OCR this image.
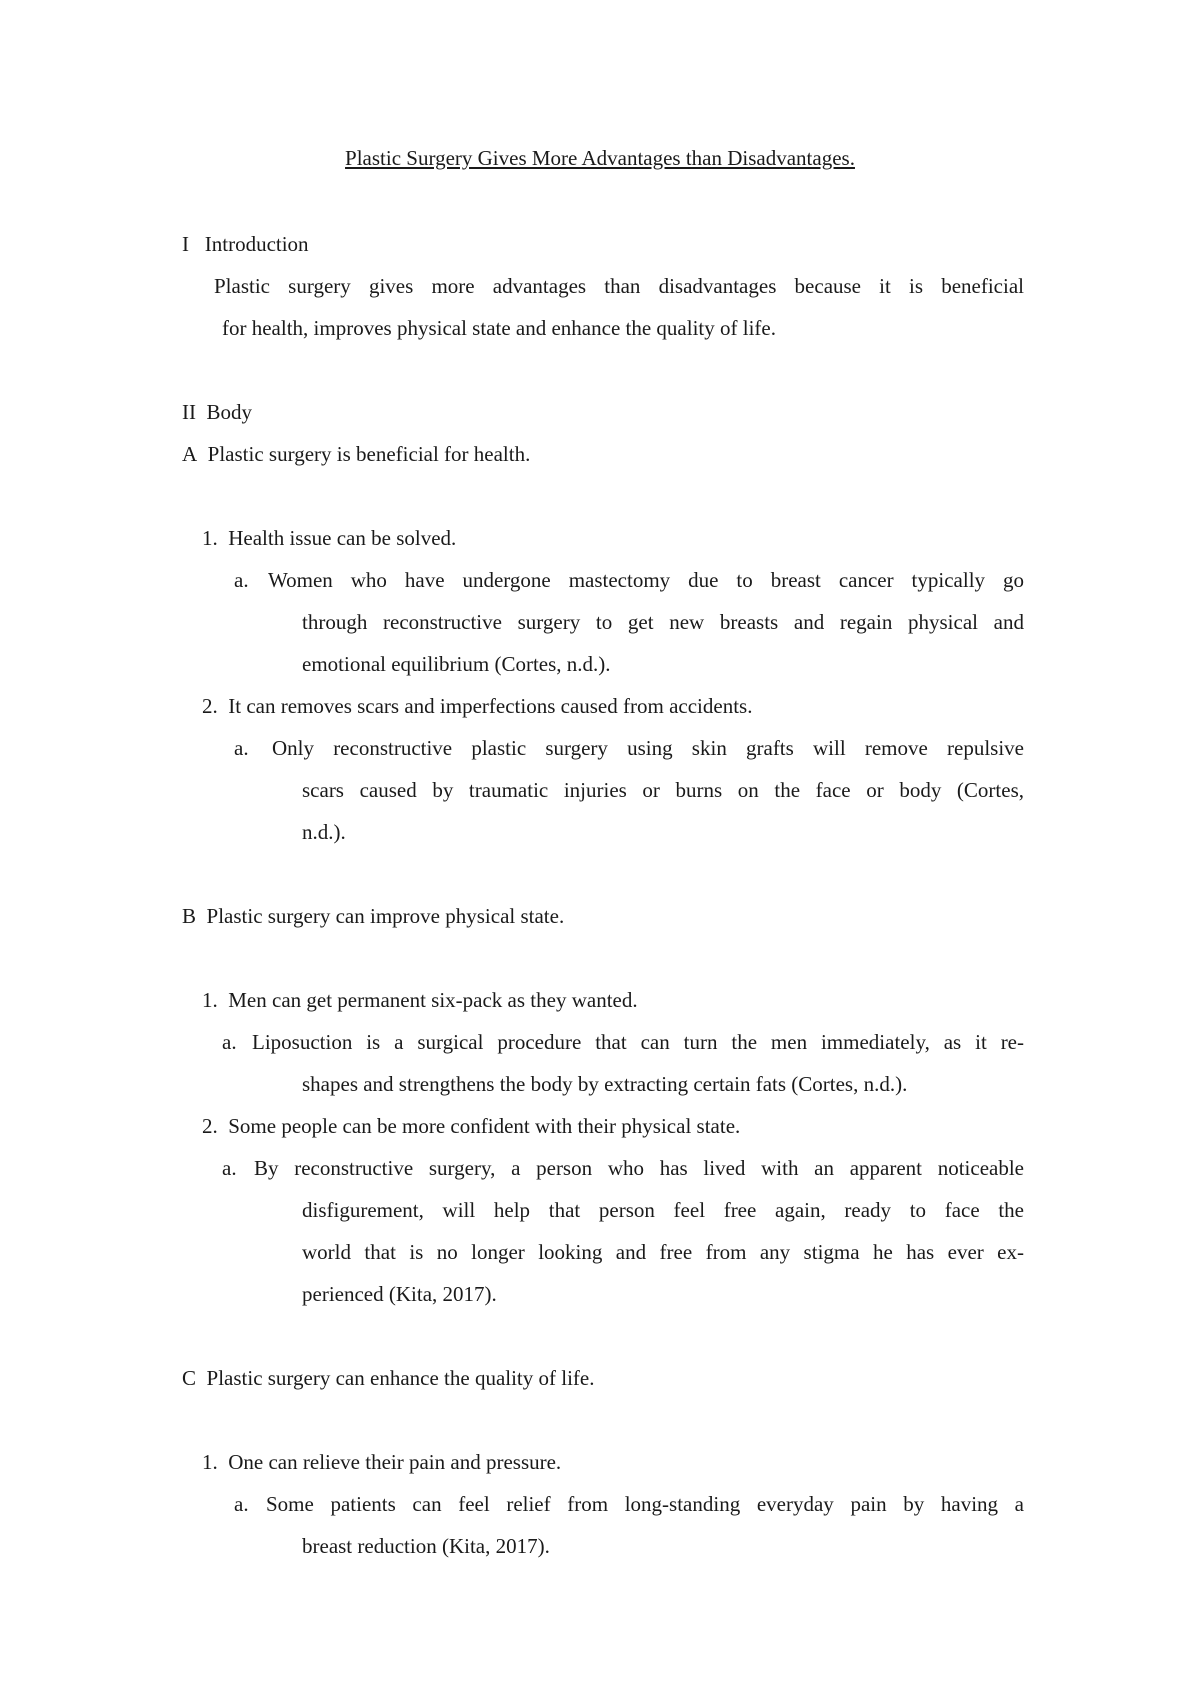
Plastic Surgery Gives More Advantages than Disadvantages.
I Introduction
Plastic surgery gives more advantages than disadvantages because it is beneficial
for health, improves physical state and enhance the quality of life.
II Body
A Plastic surgery is beneficial for health.
1. Health issue can be solved.
a. Women who have undergone mastectomy due to breast cancer typically go
through reconstructive surgery to get new breasts and regain physical and
emotional equilibrium (Cortes, n.d.).
2. It can removes scars and imperfections caused from accidents.
a. Only reconstructive plastic surgery using skin grafts will remove repulsive
scars caused by traumatic injuries or burns on the face or body (Cortes,
n.d.).
B Plastic surgery can improve physical state.
1. Men can get permanent six-pack as they wanted.
a. Liposuction is a surgical procedure that can turn the men immediately, as it re-
shapes and strengthens the body by extracting certain fats (Cortes, n.d.).
2. Some people can be more confident with their physical state.
a. By reconstructive surgery, a person who has lived with an apparent noticeable
disfigurement, will help that person feel free again, ready to face the
world that is no longer looking and free from any stigma he has ever ex-
perienced (Kita, 2017).
C Plastic surgery can enhance the quality of life.
1. One can relieve their pain and pressure.
a. Some patients can feel relief from long-standing everyday pain by having a
breast reduction (Kita, 2017).
